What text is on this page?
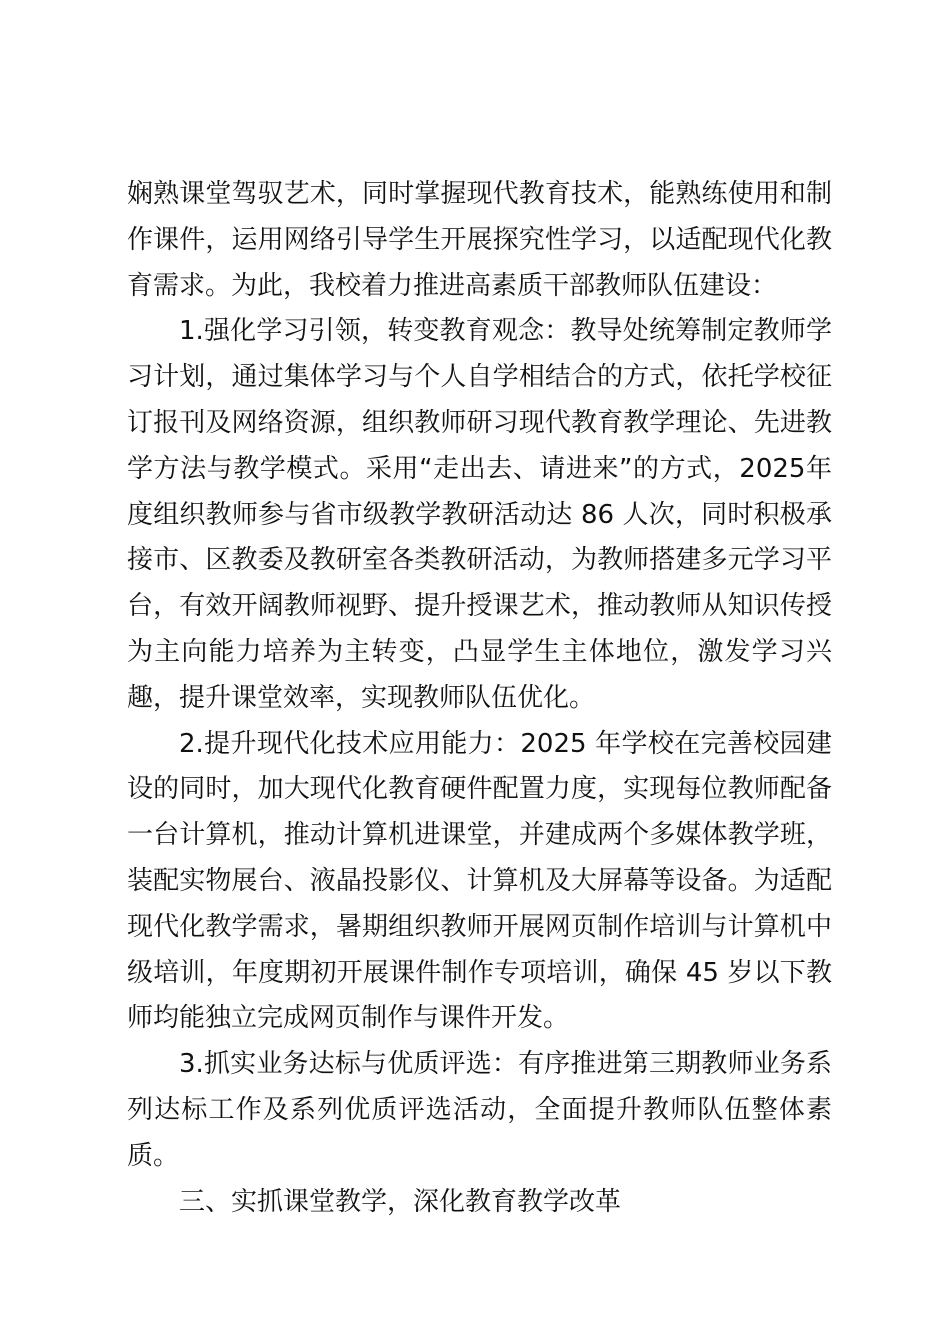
娴熟课堂驾驭艺术，同时掌握现代教育技术，能熟练使用和制作课件，运用网络引导学生开展探究性学习，以适配现代化教育需求。为此，我校着力推进高素质干部教师队伍建设：

1.强化学习引领，转变教育观念：教导处统筹制定教师学习计划，通过集体学习与个人自学相结合的方式，依托学校征订报刊及网络资源，组织教师研习现代教育教学理论、先进教学方法与教学模式。采用“走出去、请进来”的方式，2025年度组织教师参与省市级教学教研活动达 86 人次，同时积极承接市、区教委及教研室各类教研活动，为教师搭建多元学习平台，有效开阔教师视野、提升授课艺术，推动教师从知识传授为主向能力培养为主转变，凸显学生主体地位，激发学习兴趣，提升课堂效率，实现教师队伍优化。

2.提升现代化技术应用能力：2025 年学校在完善校园建设的同时，加大现代化教育硬件配置力度，实现每位教师配备一台计算机，推动计算机进课堂，并建成两个多媒体教学班，装配实物展台、液晶投影仪、计算机及大屏幕等设备。为适配现代化教学需求，暑期组织教师开展网页制作培训与计算机中级培训，年度期初开展课件制作专项培训，确保 45 岁以下教师均能独立完成网页制作与课件开发。

3.抓实业务达标与优质评选：有序推进第三期教师业务系列达标工作及系列优质评选活动，全面提升教师队伍整体素质。

三、实抓课堂教学，深化教育教学改革
